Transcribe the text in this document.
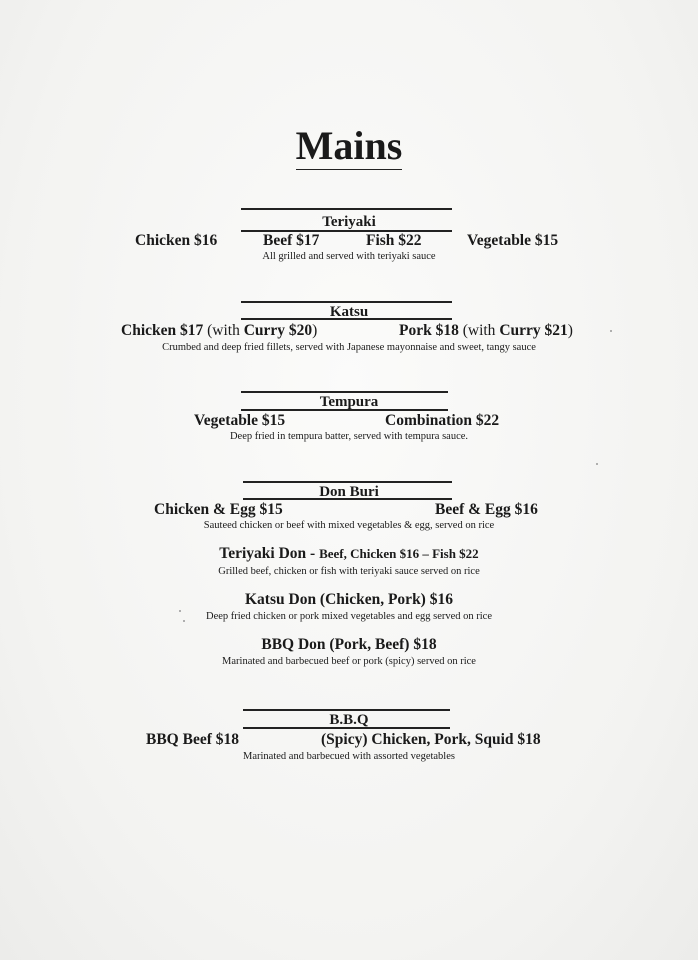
Mains
Teriyaki
Chicken $16	Beef $17	Fish $22	Vegetable $15
All grilled and served with teriyaki sauce
Katsu
Chicken $17 (with Curry $20)	Pork $18 (with Curry $21)
Crumbed and deep fried fillets, served with Japanese mayonnaise and sweet, tangy sauce
Tempura
Vegetable $15	Combination $22
Deep fried in tempura batter, served with tempura sauce.
Don Buri
Chicken & Egg $15	Beef & Egg $16
Sauteed chicken or beef with mixed vegetables & egg, served on rice
Teriyaki Don - Beef, Chicken $16 – Fish $22
Grilled beef, chicken or fish with teriyaki sauce served on rice
Katsu Don (Chicken, Pork) $16
Deep fried chicken or pork mixed vegetables and egg served on rice
BBQ Don (Pork, Beef) $18
Marinated and barbecued beef or pork (spicy) served on rice
B.B.Q
BBQ Beef $18	(Spicy) Chicken, Pork, Squid $18
Marinated and barbecued with assorted vegetables
